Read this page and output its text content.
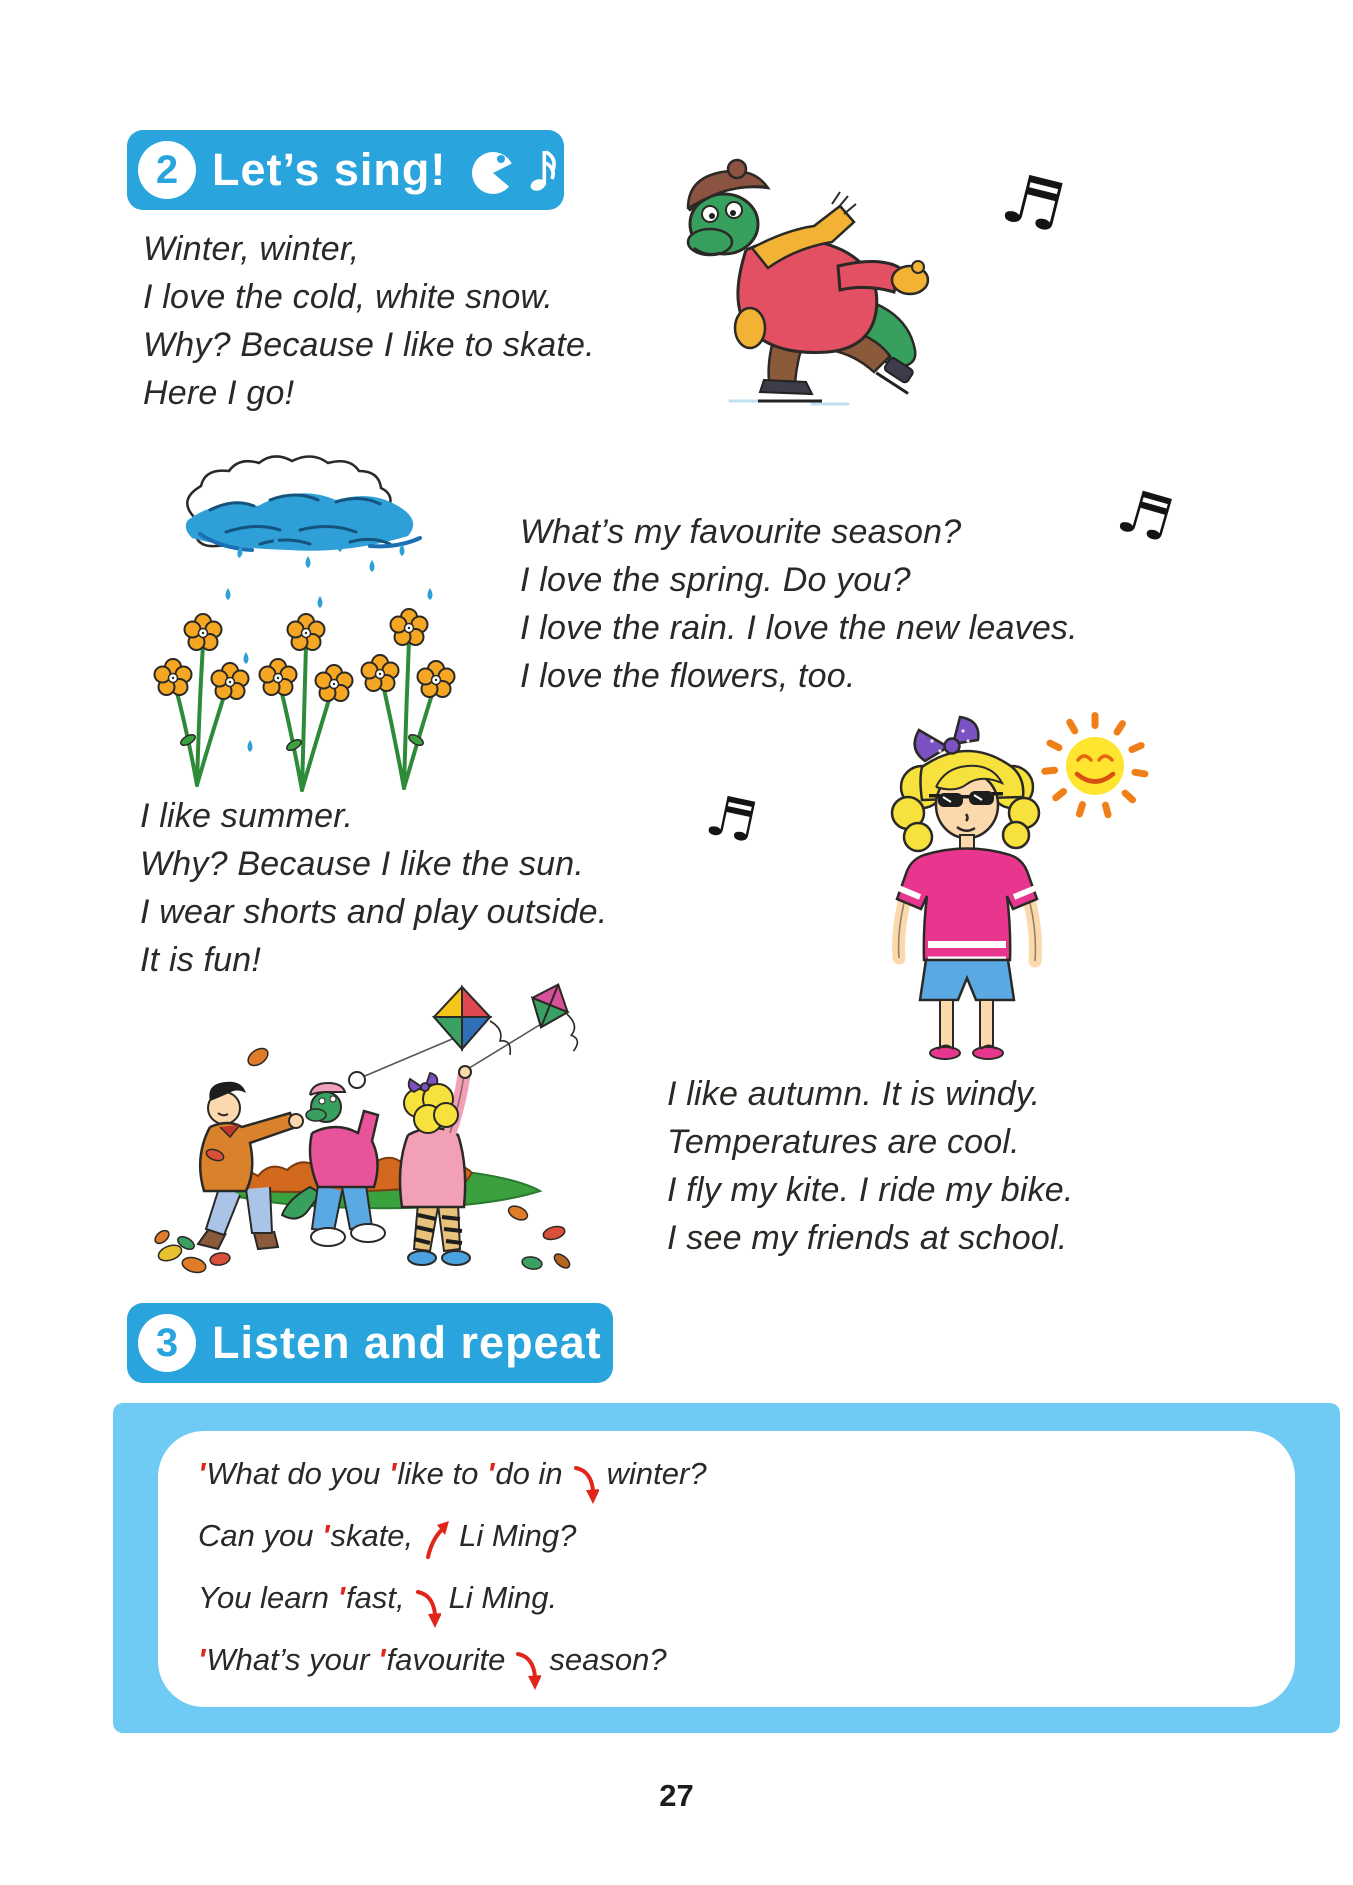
2 Let’s sing!
Winter, winter,
I love the cold, white snow.
Why? Because I like to skate.
Here I go!
♬
What’s my favourite season?
I love the spring. Do you?
I love the rain. I love the new leaves.
I love the flowers, too.
♬
I like summer.
Why? Because I like the sun.
I wear shorts and play outside.
It is fun!
♬
I like autumn. It is windy.
Temperatures are cool.
I fly my kite. I ride my bike.
I see my friends at school.
3 Listen and repeat
' What do you ' like to ' do in winter?
Can you ' skate, Li Ming?
You learn ' fast, Li Ming.
' What’s your ' favourite season?
27
